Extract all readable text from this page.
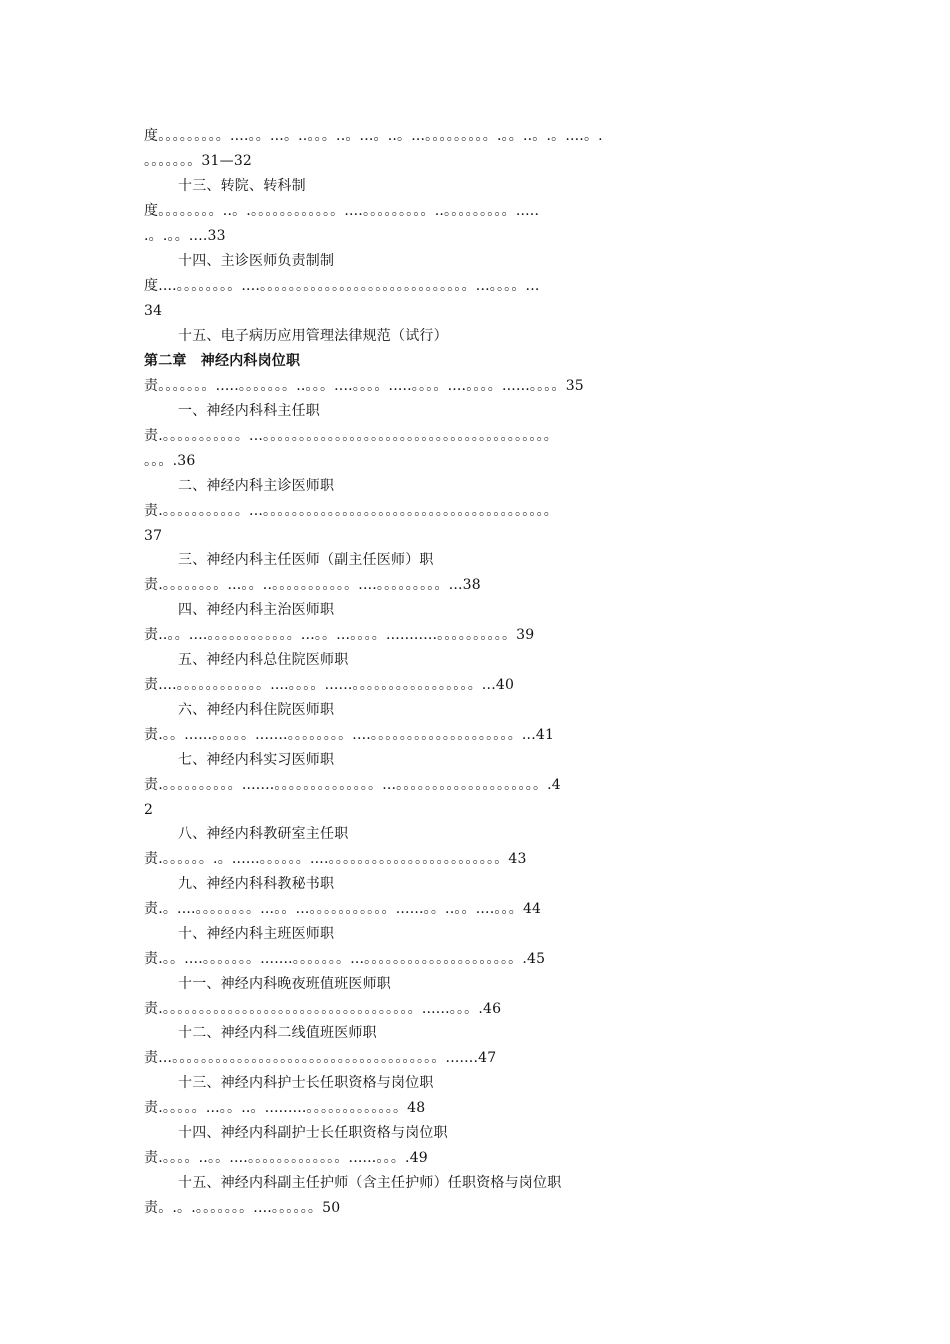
度。。。。。。。。。....。。...。..。。。..。...。..。...。。。。。。。。。.。。..。.。....。.
。。。。。。。31—32
十三、转院、转科制
度。。。。。。。。..。.。。。。。。。。。。。。....。。。。。。。。。..。。。。。。。。。.....
.。.。。....33
十四、主诊医师负责制制
度....。。。。。。。。....。。。。。。。。。。。。。。。。。。。。。。。。。。。。。...。。。。...
34
十五、电子病历应用管理法律规范（试行）
第二章　神经内科岗位职
责。。。。。。。.....。。。。。。。..。。。....。。。。.....。。。。....。。。。......。。。。35
一、神经内科科主任职
责.。。。。。。。。。。。...。。。。。。。。。。。。。。。。。。。。。。。。。。。。。。。。。。。。。。。。
。。。.36
二、神经内科主诊医师职
责.。。。。。。。。。。。...。。。。。。。。。。。。。。。。。。。。。。。。。。。。。。。。。。。。。。。。
37
三、神经内科主任医师（副主任医师）职
责.。。。。。。。。...。。..。。。。。。。。。。。....。。。。。。。。。...38
四、神经内科主治医师职
责..。。....。。。。。。。。。。。。...。。...。。。。...........。。。。。。。。。。39
五、神经内科总住院医师职
责....。。。。。。。。。。。。....。。。。......。。。。。。。。。。。。。。。。。...40
六、神经内科住院医师职
责.。。......。。。。。.......。。。。。。。。....。。。。。。。。。。。。。。。。。。。。...41
七、神经内科实习医师职
责.。。。。。。。。。。.......。。。。。。。。。。。。。。...。。。。。。。。。。。。。。。。。。。。.4
2
八、神经内科教研室主任职
责.。。。。。。.。......。。。。。。....。。。。。。。。。。。。。。。。。。。。。。。。43
九、神经内科科教秘书职
责.。....。。。。。。。。...。。...。。。。。。。。。。。......。。..。。....。。。44
十、神经内科主班医师职
责.。。....。。。。。。。.......。。。。。。。...。。。。。。。。。。。。。。。。。。。。。.45
十一、神经内科晚夜班值班医师职
责.。。。。。。。。。。。。。。。。。。。。。。。。。。。。。。。。。。。......。。。.46
十二、神经内科二线值班医师职
责...。。。。。。。。。。。。。。。。。。。。。。。。。。。。。。。。。。。。。.......47
十三、神经内科护士长任职资格与岗位职
责.。。。。。...。。..。.........。。。。。。。。。。。。。48
十四、神经内科副护士长任职资格与岗位职
责.。。。。..。。....。。。。。。。。。。。。。......。。。.49
十五、神经内科副主任护师（含主任护师）任职资格与岗位职
责。.。.。。。。。。。....。。。。。。50
